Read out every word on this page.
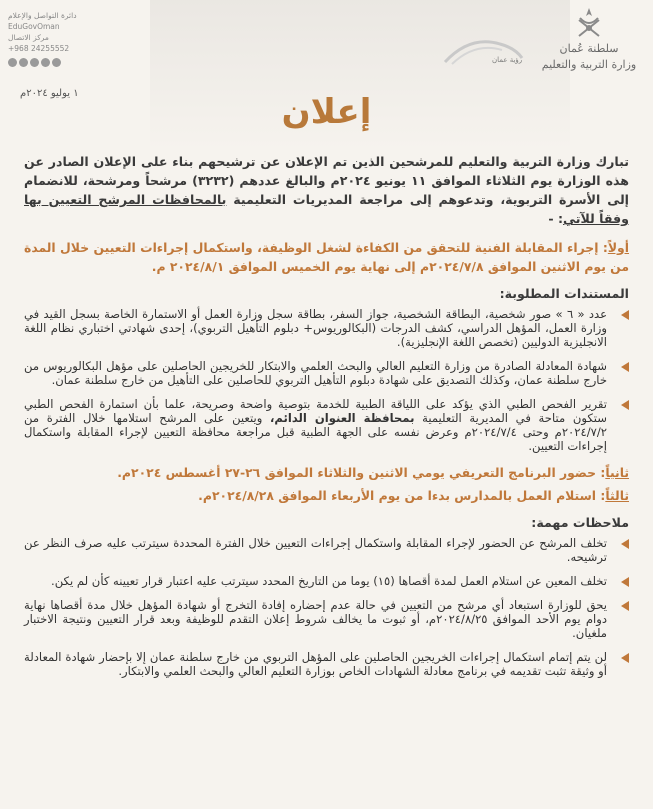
دائرة التواصل والإعلام
EduGovOman
مركز الاتصال
+968 24255552
رؤية عمان
سلطنة عُمان
وزارة التربية والتعليم
١ يوليو ٢٠٢٤م	إعلان

تبارك وزارة التربية والتعليم للمرشحين الذين تم الإعلان عن ترشيحهم بناء على الإعلان الصادر عن هذه الوزارة يوم الثلاثاء الموافق ١١ يونيو ٢٠٢٤م والبالغ عددهم (٣٢٣٢) مرشحاً ومرشحة، للانضمام إلى الأسرة التربوية، وتدعوهم إلى مراجعة المديريات التعليمية بالمحافظات المرشح التعيين بها وفقاً للآتي: -

أولاً: إجراء المقابلة الفنية للتحقق من الكفاءة لشغل الوظيفة، واستكمال إجراءات التعيين خلال المدة من يوم الاثنين الموافق ٢٠٢٤/٧/٨م إلى نهاية يوم الخميس الموافق ٢٠٢٤/٨/١ م.

المستندات المطلوبة:
عدد « ٦ » صور شخصية، البطاقة الشخصية، جواز السفر، بطاقة سجل وزارة العمل أو الاستمارة الخاصة بسجل القيد في وزارة العمل، المؤهل الدراسي، كشف الدرجات (البكالوريوس+ دبلوم التأهيل التربوي)، إحدى شهادتي اختباري نظام اللغة الانجليزية الدوليين (تخصص اللغة الإنجليزية).
شهادة المعادلة الصادرة من وزارة التعليم العالي والبحث العلمي والابتكار للخريجين الحاصلين على مؤهل البكالوريوس من خارج سلطنة عمان، وكذلك التصديق على شهادة دبلوم التأهيل التربوي للحاصلين على التأهيل من خارج سلطنة عمان.
تقرير الفحص الطبي الذي يؤكد على اللياقة الطبية للخدمة بتوصية واضحة وصريحة، علما بأن استمارة الفحص الطبي ستكون متاحة في المديرية التعليمية بمحافظة العنوان الدائم، ويتعين على المرشح استلامها خلال الفترة من ٢٠٢٤/٧/٢م وحتى ٢٠٢٤/٧/٤م وعرض نفسه على الجهة الطبية قبل مراجعة محافظة التعيين لإجراء المقابلة واستكمال إجراءات التعيين.

ثانياً: حضور البرنامج التعريفي يومي الاثنين والثلاثاء الموافق ٢٦-٢٧ أغسطس ٢٠٢٤م.

ثالثاً: استلام العمل بالمدارس بدءا من يوم الأربعاء الموافق ٢٠٢٤/٨/٢٨م.

ملاحظات مهمة:
تخلف المرشح عن الحضور لإجراء المقابلة واستكمال إجراءات التعيين خلال الفترة المحددة سيترتب عليه صرف النظر عن ترشيحه.
تخلف المعين عن استلام العمل لمدة أقصاها (١٥) يوما من التاريخ المحدد سيترتب عليه اعتبار قرار تعيينه كأن لم يكن.
يحق للوزارة استبعاد أي مرشح من التعيين في حالة عدم إحضاره إفادة التخرج أو شهادة المؤهل خلال مدة أقصاها نهاية دوام يوم الأحد الموافق ٢٠٢٤/٨/٢٥م، أو ثبوت ما يخالف شروط إعلان التقدم للوظيفة وبعد قرار التعيين ونتيجة الاختبار ملغيان.
لن يتم إتمام استكمال إجراءات الخريجين الحاصلين على المؤهل التربوي من خارج سلطنة عمان إلا بإحضار شهادة المعادلة أو وثيقة تثبت تقديمه في برنامج معادلة الشهادات الخاص بوزارة التعليم العالي والبحث العلمي والابتكار.
